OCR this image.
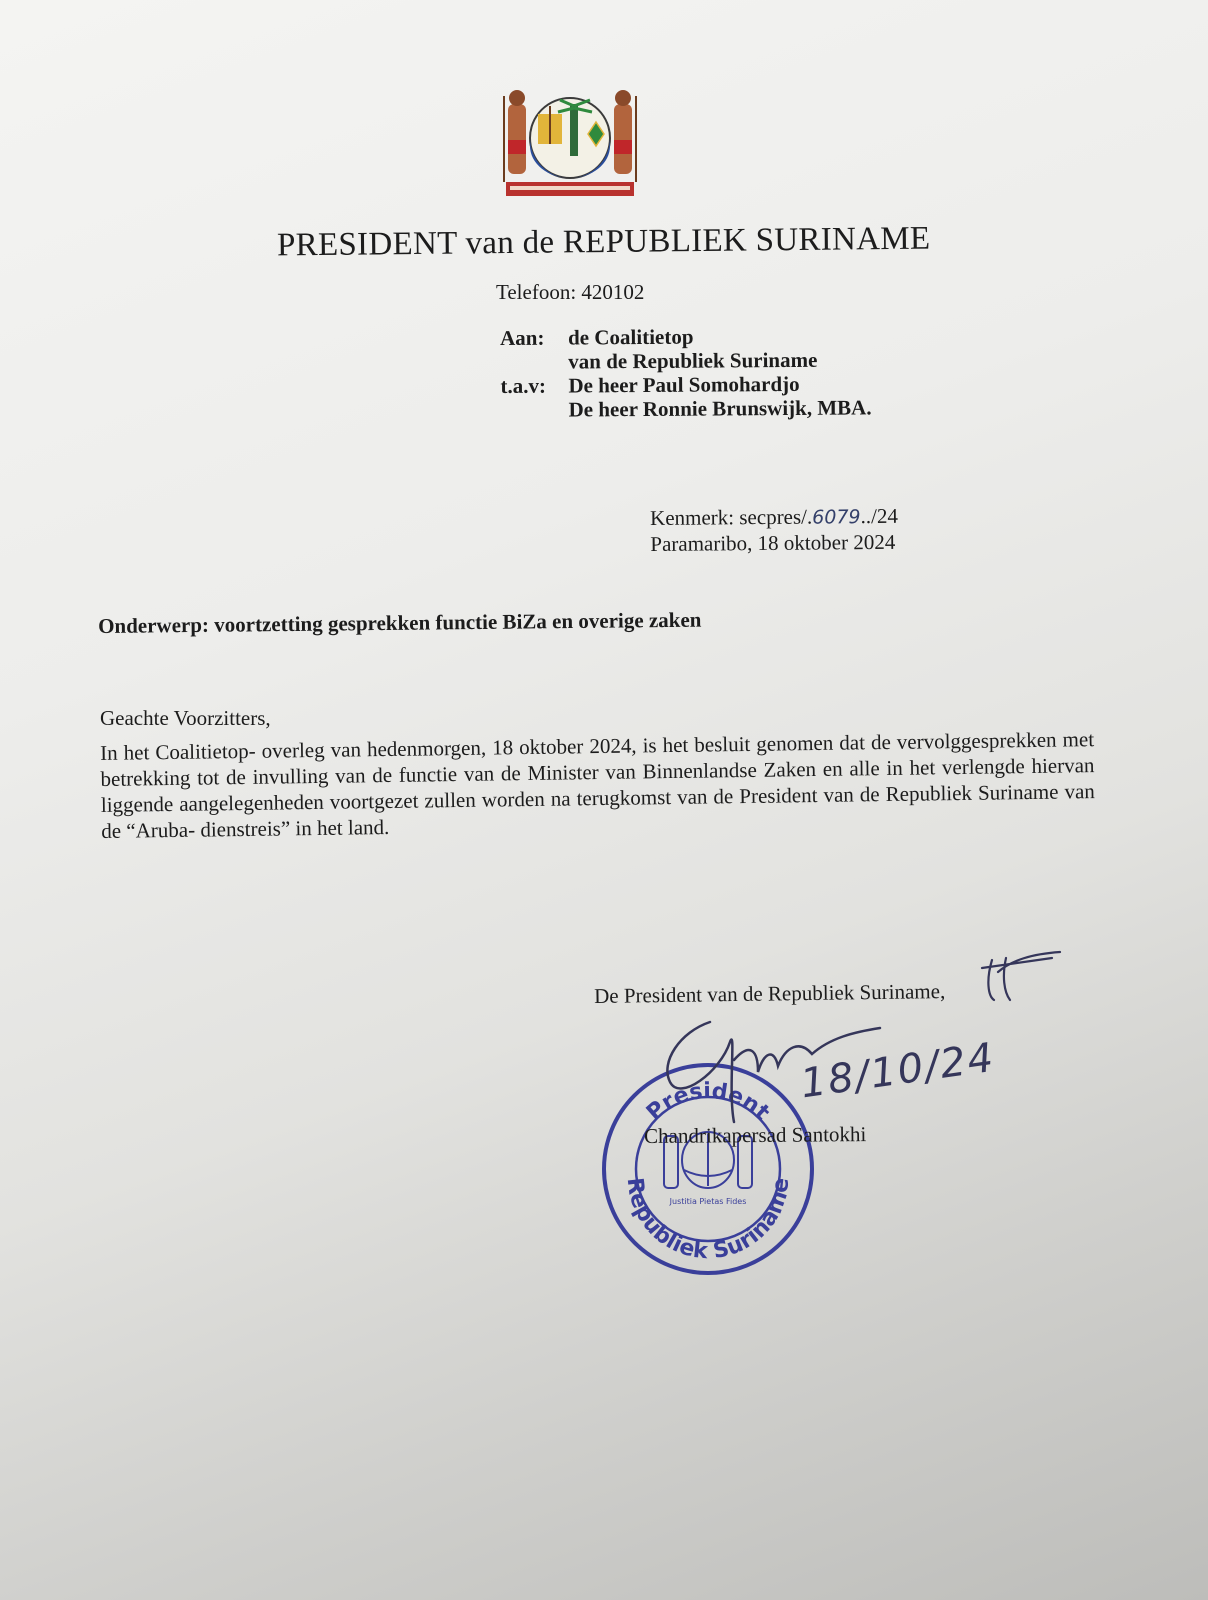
PRESIDENT van de REPUBLIEK SURINAME
Telefoon: 420102
Aan:	de Coalitietop
van de Republiek Suriname
t.a.v:	De heer Paul Somohardjo
De heer Ronnie Brunswijk, MBA.
Kenmerk: secpres/.6079../24
Paramaribo, 18 oktober 2024
Onderwerp: voortzetting gesprekken functie BiZa en overige zaken
Geachte Voorzitters,
In het Coalitietop- overleg van hedenmorgen, 18 oktober 2024, is het besluit genomen dat de vervolggesprekken met betrekking tot de invulling van de functie van de Minister van Binnenlandse Zaken en alle in het verlengde hiervan liggende aangelegenheden voortgezet zullen worden na terugkomst van de President van de Republiek Suriname van de “Aruba- dienstreis” in het land.
De President van de Republiek Suriname,
President
Republiek Suriname
Justitia Pietas Fides
Chandrikapersad Santokhi
18/10/24
